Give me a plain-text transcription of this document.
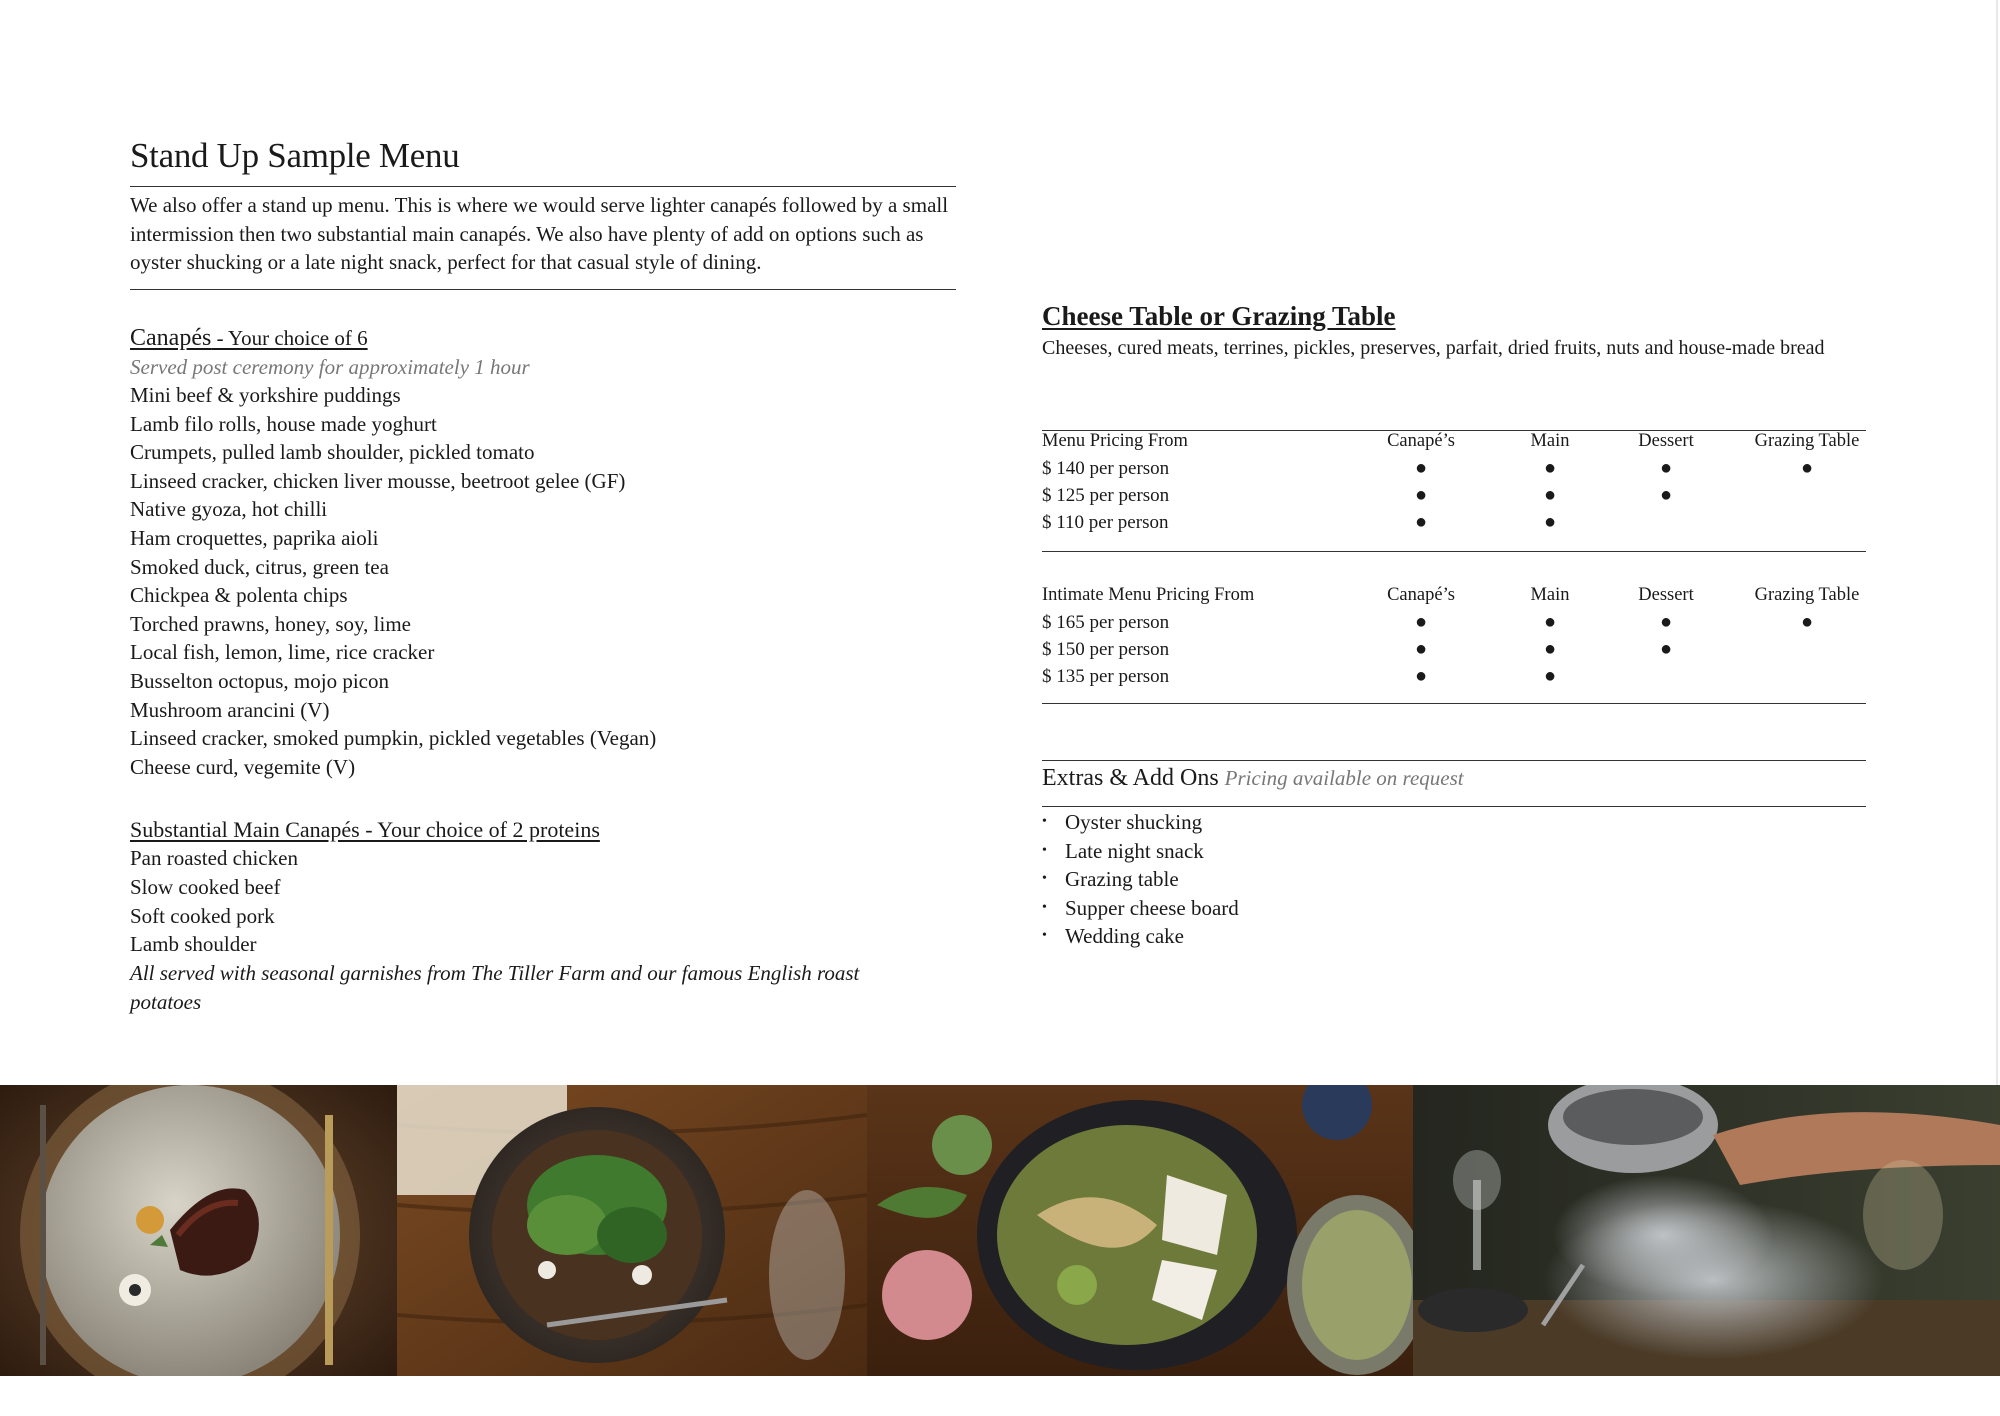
Stand Up Sample Menu
We also offer a stand up menu. This is where we would serve lighter canapés followed by a small intermission then two substantial main canapés. We also have plenty of add on options such as oyster shucking or a late night snack, perfect for that casual style of dining.
Canapés - Your choice of 6
Served post ceremony for approximately 1 hour
Mini beef & yorkshire puddings
Lamb filo rolls, house made yoghurt
Crumpets, pulled lamb shoulder, pickled tomato
Linseed cracker, chicken liver mousse, beetroot gelee (GF)
Native gyoza, hot chilli
Ham croquettes, paprika aioli
Smoked duck, citrus, green tea
Chickpea & polenta chips
Torched prawns, honey, soy, lime
Local fish, lemon, lime, rice cracker
Busselton octopus, mojo picon
Mushroom arancini (V)
Linseed cracker, smoked pumpkin, pickled vegetables (Vegan)
Cheese curd, vegemite (V)
Substantial Main Canapés - Your choice of 2 proteins
Pan roasted chicken
Slow cooked beef
Soft cooked pork
Lamb shoulder
All served with seasonal garnishes from The Tiller Farm and our famous English roast potatoes
Cheese Table or Grazing Table
Cheeses, cured meats, terrines, pickles, preserves, parfait, dried fruits, nuts and house-made bread
Menu Pricing From	Canapé’s	Main	Dessert	Grazing Table
$ 140 per person	●	●	●	●
$ 125 per person	●	●	●
$ 110 per person	●	●
Intimate Menu Pricing From	Canapé’s	Main	Dessert	Grazing Table
$ 165 per person	●	●	●	●
$ 150 per person	●	●	●
$ 135 per person	●	●
Extras & Add Ons Pricing available on request
• Oyster shucking
• Late night snack
• Grazing table
• Supper cheese board
• Wedding cake
